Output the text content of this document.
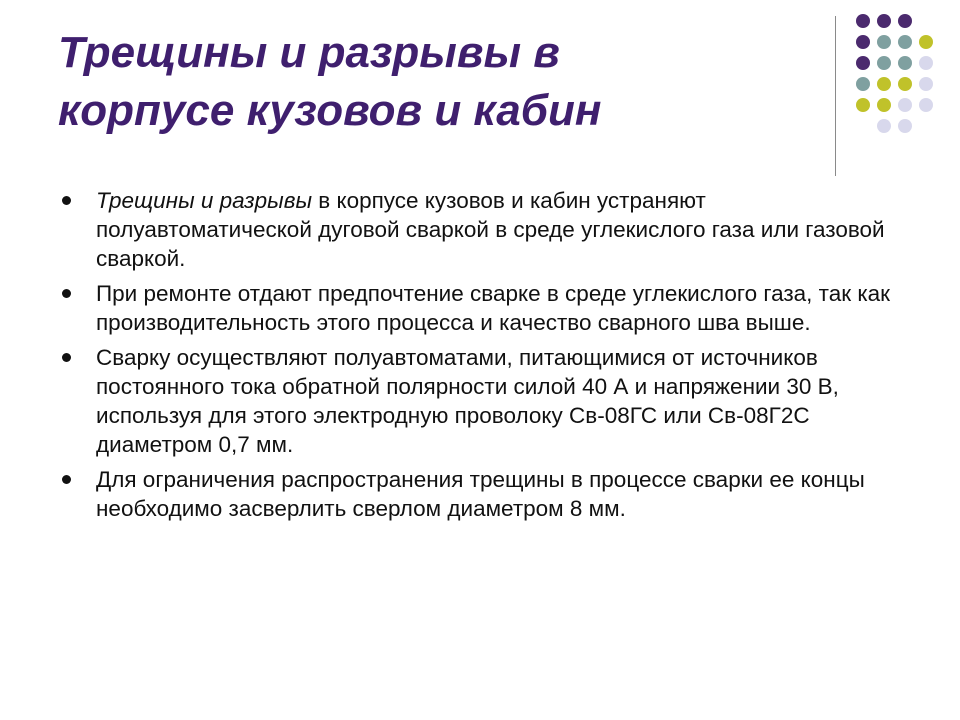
Трещины и разрывы в
корпусе кузовов и кабин
Трещины и разрывы в корпусе кузовов и кабин устраняют полуавтоматической дуговой сваркой в среде углекислого газа или газовой сваркой.
При ремонте отдают предпочтение сварке в среде углекислого газа, так как производительность этого процесса и качество сварного шва выше.
Сварку осуществляют полуавтоматами, питающимися от источников постоянного тока обратной полярности силой 40 А и напряжении 30 В, используя для этого электродную проволоку Св-08ГС или Св-08Г2С диаметром 0,7 мм.
Для ограничения распространения трещины в процессе сварки ее концы необходимо засверлить сверлом диаметром 8 мм.
